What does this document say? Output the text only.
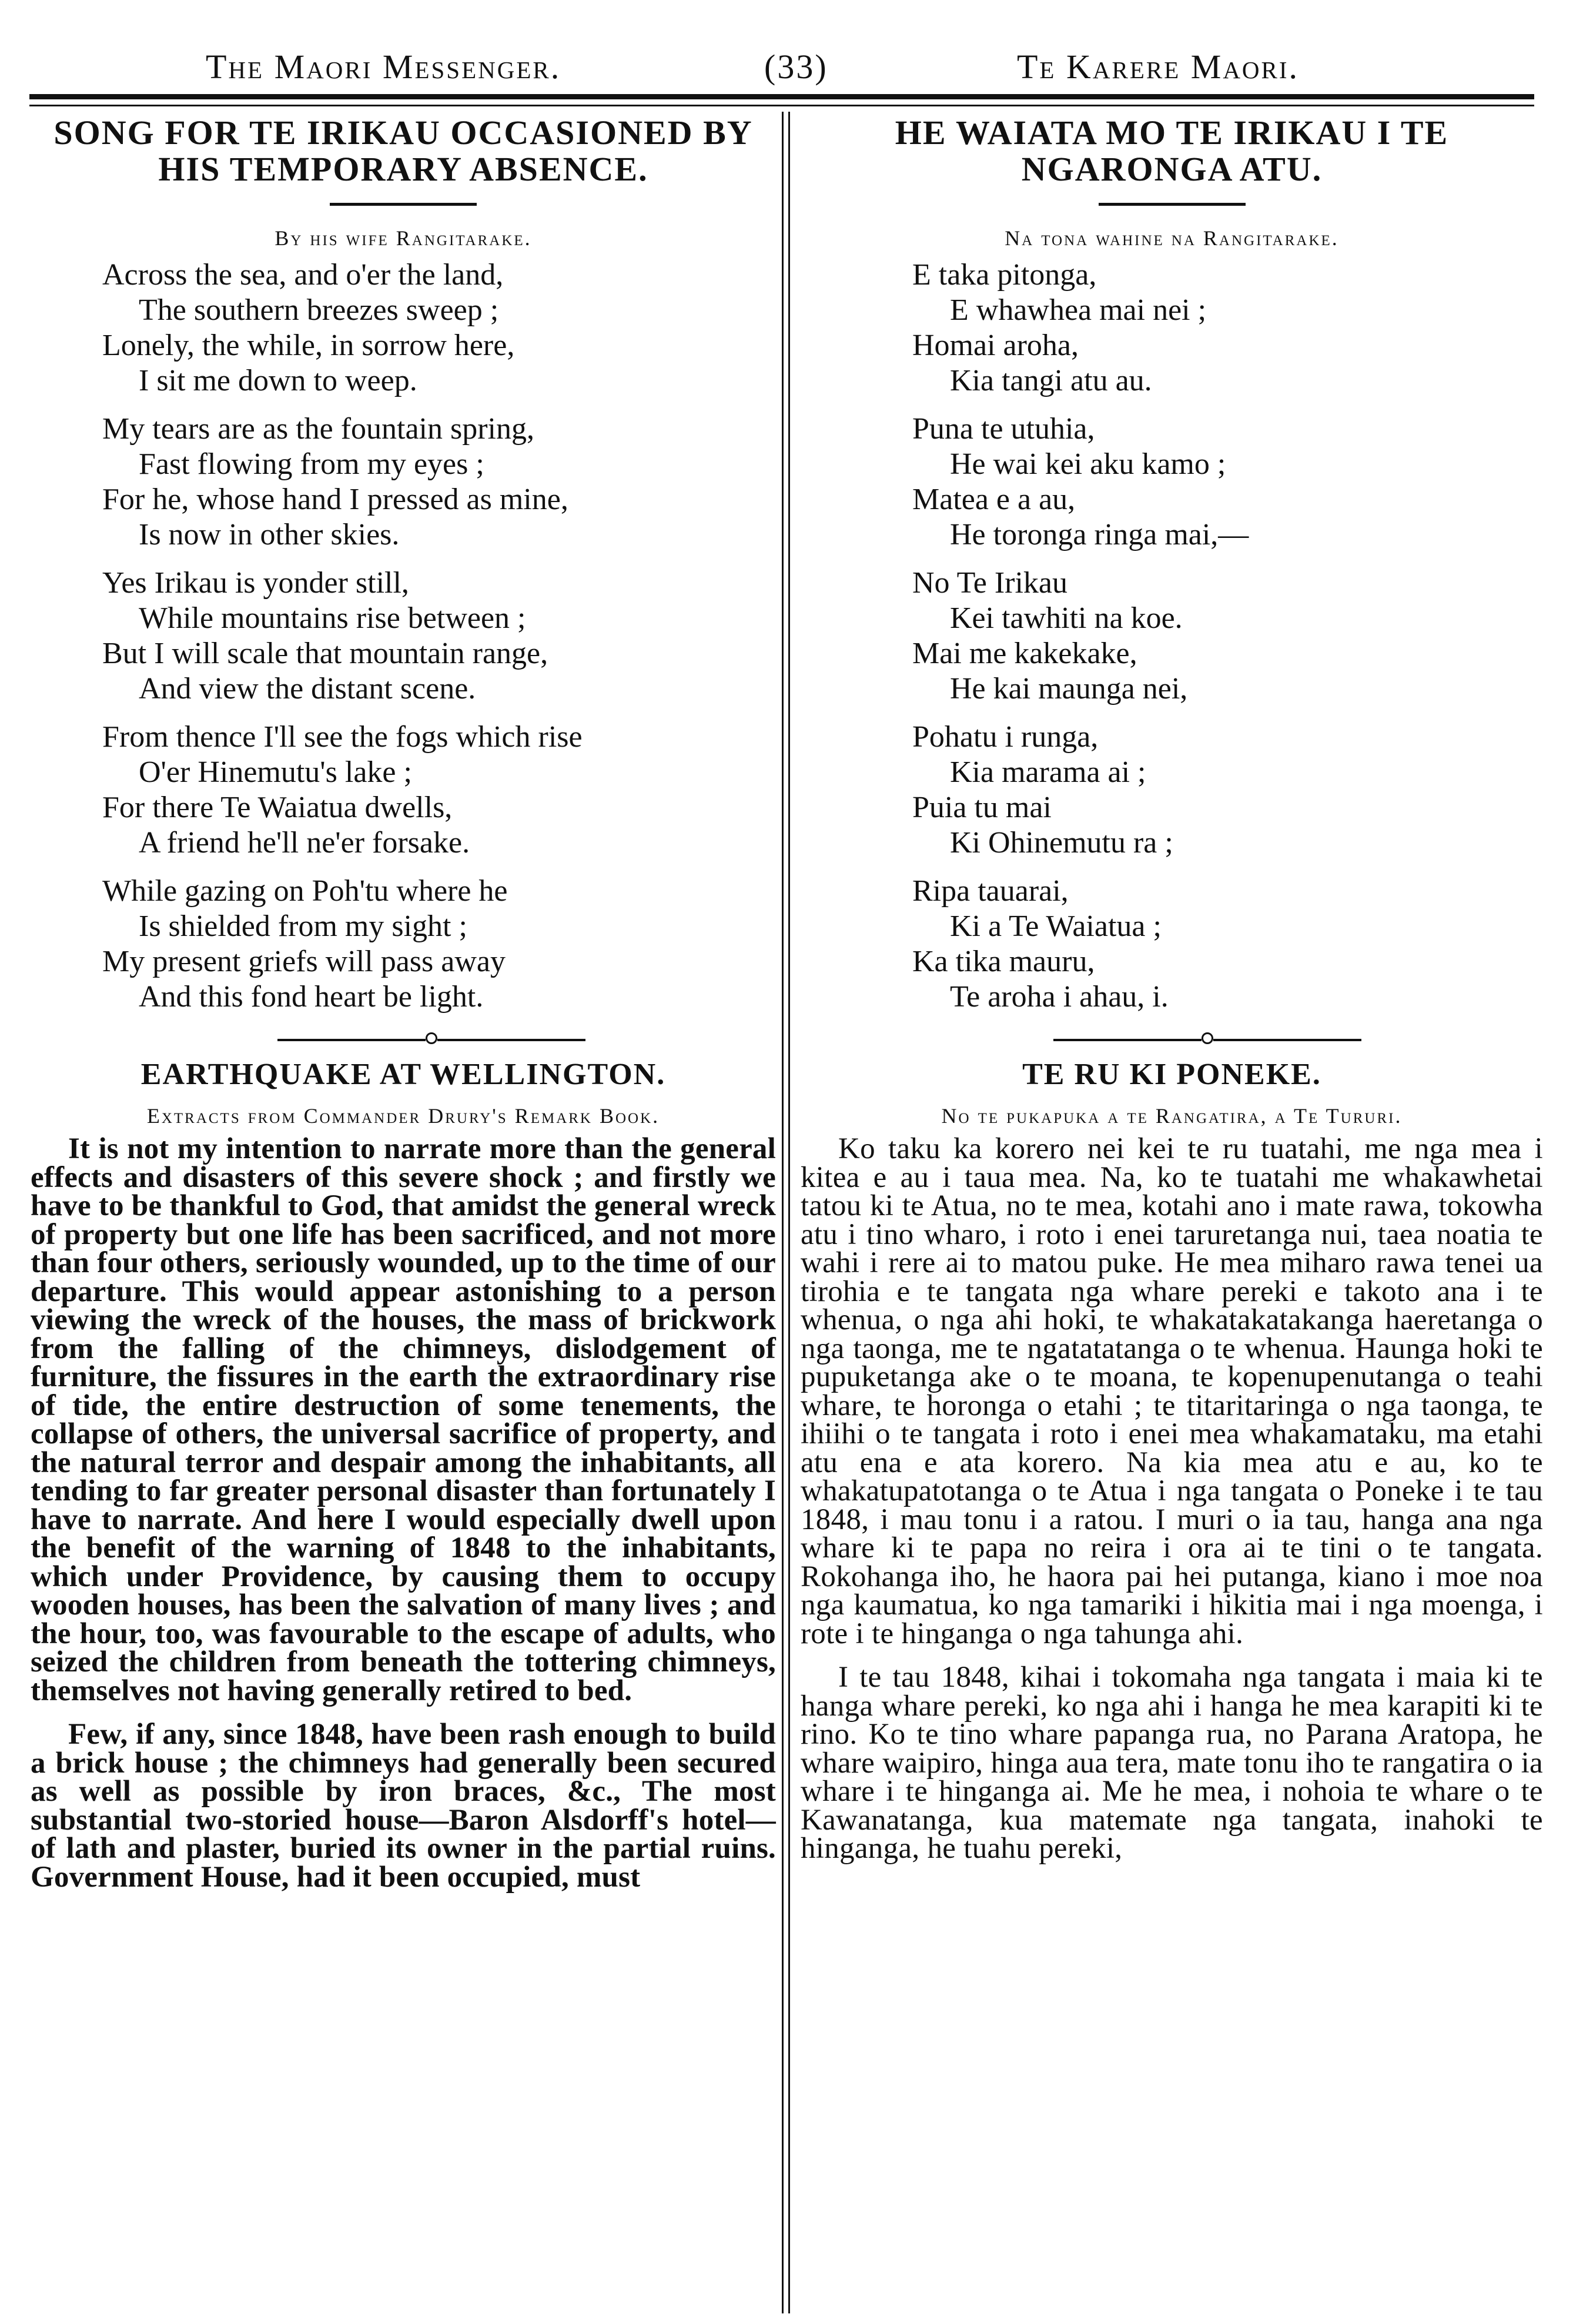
The Maori Messenger.	(33)	Te Karere Maori.
SONG FOR TE IRIKAU OCCASIONED BY HIS TEMPORARY ABSENCE.
By his wife Rangitarake.
Across the sea, and o'er the land,
The southern breezes sweep ;
Lonely, the while, in sorrow here,
I sit me down to weep.
My tears are as the fountain spring,
Fast flowing from my eyes ;
For he, whose hand I pressed as mine,
Is now in other skies.
Yes Irikau is yonder still,
While mountains rise between ;
But I will scale that mountain range,
And view the distant scene.
From thence I'll see the fogs which rise
O'er Hinemutu's lake ;
For there Te Waiatua dwells,
A friend he'll ne'er forsake.
While gazing on Poh'tu where he
Is shielded from my sight ;
My present griefs will pass away
And this fond heart be light.
EARTHQUAKE AT WELLINGTON.
Extracts from Commander Drury's Remark Book.

It is not my intention to narrate more than the general effects and disasters of this severe shock ; and firstly we have to be thankful to God, that amidst the general wreck of property but one life has been sacrificed, and not more than four others, seriously wounded, up to the time of our departure. This would appear astonishing to a person viewing the wreck of the houses, the mass of brickwork from the falling of the chimneys, dislodgement of furniture, the fissures in the earth the extraordinary rise of tide, the entire destruction of some tenements, the collapse of others, the universal sacrifice of property, and the natural terror and despair among the inhabitants, all tending to far greater personal disaster than fortunately I have to narrate. And here I would especially dwell upon the benefit of the warning of 1848 to the inhabitants, which under Providence, by causing them to occupy wooden houses, has been the salvation of many lives ; and the hour, too, was favourable to the escape of adults, who seized the children from beneath the tottering chimneys, themselves not having generally retired to bed.

Few, if any, since 1848, have been rash enough to build a brick house ; the chimneys had generally been secured as well as possible by iron braces, &c., The most substantial two-storied house—Baron Alsdorff's hotel—of lath and plaster, buried its owner in the partial ruins. Government House, had it been occupied, must

HE WAIATA MO TE IRIKAU I TE NGARONGA ATU.
Na tona wahine na Rangitarake.
E taka pitonga,
E whawhea mai nei ;
Homai aroha,
Kia tangi atu au.
Puna te utuhia,
He wai kei aku kamo ;
Matea e a au,
He toronga ringa mai,—
No Te Irikau
Kei tawhiti na koe.
Mai me kakekake,
He kai maunga nei,
Pohatu i runga,
Kia marama ai ;
Puia tu mai
Ki Ohinemutu ra ;
Ripa tauarai,
Ki a Te Waiatua ;
Ka tika mauru,
Te aroha i ahau, i.
TE RU KI PONEKE.
No te pukapuka a te Rangatira, a Te Tururi.

Ko taku ka korero nei kei te ru tuatahi, me nga mea i kitea e au i taua mea. Na, ko te tuatahi me whakawhetai tatou ki te Atua, no te mea, kotahi ano i mate rawa, tokowha atu i tino wharo, i roto i enei taruretanga nui, taea noatia te wahi i rere ai to matou puke. He mea miharo rawa tenei ua tirohia e te tangata nga whare pereki e takoto ana i te whenua, o nga ahi hoki, te whakatakatakanga haeretanga o nga taonga, me te ngatatatanga o te whenua. Haunga hoki te pupuketanga ake o te moana, te kopenupenutanga o teahi whare, te horonga o etahi ; te titaritaringa o nga taonga, te ihiihi o te tangata i roto i enei mea whakamataku, ma etahi atu ena e ata korero. Na kia mea atu e au, ko te whakatupatotanga o te Atua i nga tangata o Poneke i te tau 1848, i mau tonu i a ratou. I muri o ia tau, hanga ana nga whare ki te papa no reira i ora ai te tini o te tangata. Rokohanga iho, he haora pai hei putanga, kiano i moe noa nga kaumatua, ko nga tamariki i hikitia mai i nga moenga, i rote i te hinganga o nga tahunga ahi.

I te tau 1848, kihai i tokomaha nga tangata i maia ki te hanga whare pereki, ko nga ahi i hanga he mea karapiti ki te rino. Ko te tino whare papanga rua, no Parana Aratopa, he whare waipiro, hinga aua tera, mate tonu iho te rangatira o ia whare i te hinganga ai. Me he mea, i nohoia te whare o te Kawanatanga, kua matemate nga tangata, inahoki te hinganga, he tuahu pereki,
